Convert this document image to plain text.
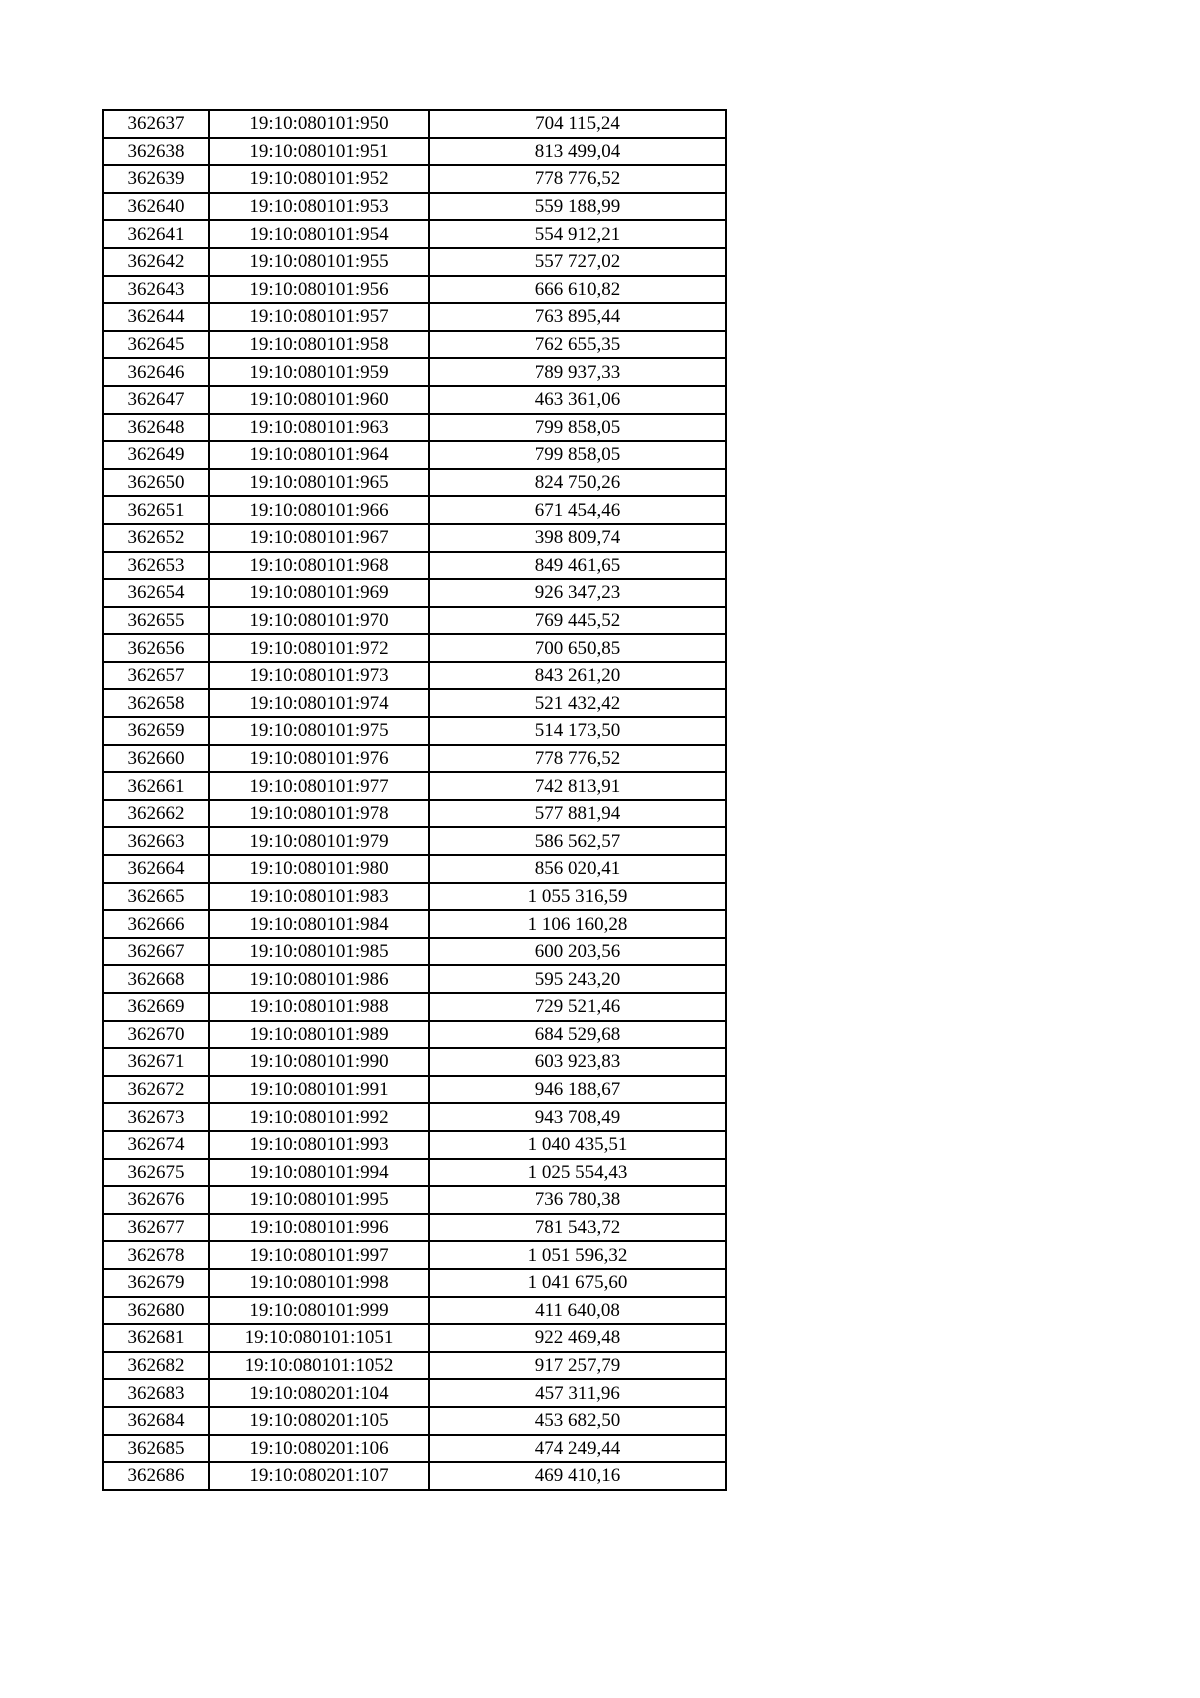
362637	19:10:080101:950	704 115,24
362638	19:10:080101:951	813 499,04
362639	19:10:080101:952	778 776,52
362640	19:10:080101:953	559 188,99
362641	19:10:080101:954	554 912,21
362642	19:10:080101:955	557 727,02
362643	19:10:080101:956	666 610,82
362644	19:10:080101:957	763 895,44
362645	19:10:080101:958	762 655,35
362646	19:10:080101:959	789 937,33
362647	19:10:080101:960	463 361,06
362648	19:10:080101:963	799 858,05
362649	19:10:080101:964	799 858,05
362650	19:10:080101:965	824 750,26
362651	19:10:080101:966	671 454,46
362652	19:10:080101:967	398 809,74
362653	19:10:080101:968	849 461,65
362654	19:10:080101:969	926 347,23
362655	19:10:080101:970	769 445,52
362656	19:10:080101:972	700 650,85
362657	19:10:080101:973	843 261,20
362658	19:10:080101:974	521 432,42
362659	19:10:080101:975	514 173,50
362660	19:10:080101:976	778 776,52
362661	19:10:080101:977	742 813,91
362662	19:10:080101:978	577 881,94
362663	19:10:080101:979	586 562,57
362664	19:10:080101:980	856 020,41
362665	19:10:080101:983	1 055 316,59
362666	19:10:080101:984	1 106 160,28
362667	19:10:080101:985	600 203,56
362668	19:10:080101:986	595 243,20
362669	19:10:080101:988	729 521,46
362670	19:10:080101:989	684 529,68
362671	19:10:080101:990	603 923,83
362672	19:10:080101:991	946 188,67
362673	19:10:080101:992	943 708,49
362674	19:10:080101:993	1 040 435,51
362675	19:10:080101:994	1 025 554,43
362676	19:10:080101:995	736 780,38
362677	19:10:080101:996	781 543,72
362678	19:10:080101:997	1 051 596,32
362679	19:10:080101:998	1 041 675,60
362680	19:10:080101:999	411 640,08
362681	19:10:080101:1051	922 469,48
362682	19:10:080101:1052	917 257,79
362683	19:10:080201:104	457 311,96
362684	19:10:080201:105	453 682,50
362685	19:10:080201:106	474 249,44
362686	19:10:080201:107	469 410,16
